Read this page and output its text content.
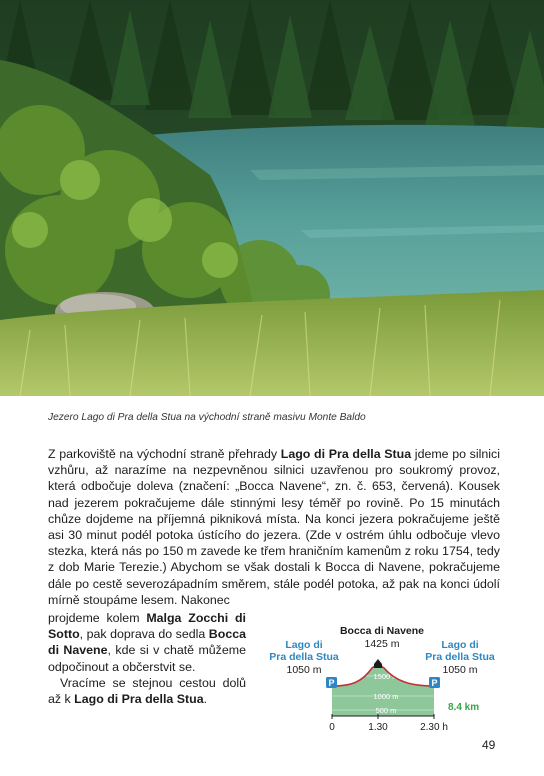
Jezero Lago di Pra della Stua na východní straně masivu Monte Baldo

Z parkoviště na východní straně přehrady Lago di Pra della Stua jdeme po silnici vzhůru, až narazíme na nezpevněnou silnici uzavřenou pro soukromý provoz, která odbočuje doleva (značení: „Bocca Navene“, zn. č. 653, červená). Kousek nad jezerem pokračujeme dále stinnými lesy téměř po rovině. Po 15 minutách chůze dojdeme na příjemná pikniková místa. Na konci jezera pokračujeme ještě asi 30 minut podél potoka ústícího do jezera. (Zde v ostrém úhlu odbočuje vlevo stezka, která nás po 150 m zavede ke třem hraničním kamenům z roku 1754, tedy z dob Marie Terezie.) Abychom se však dostali k Bocca di Navene, pokračujeme dále po cestě severozápadním směrem, stále podél potoka, až pak na konci údolí mírně stoupáme lesem. Nakonec

projdeme kolem Malga Zocchi di Sotto, pak doprava do sedla Bocca di Navene, kde si v chatě můžeme odpočinout a občerstvit se.

Vracíme se stejnou cestou dolů až k Lago di Pra della Stua.

Lago di
Pra della Stua
1050 m
Bocca di Navene
1425 m	Lago di
Pra della Stua
1050 m
1500 m
1000 m
500 m
P	P
0	1.30	2.30 h
8.4 km
49
